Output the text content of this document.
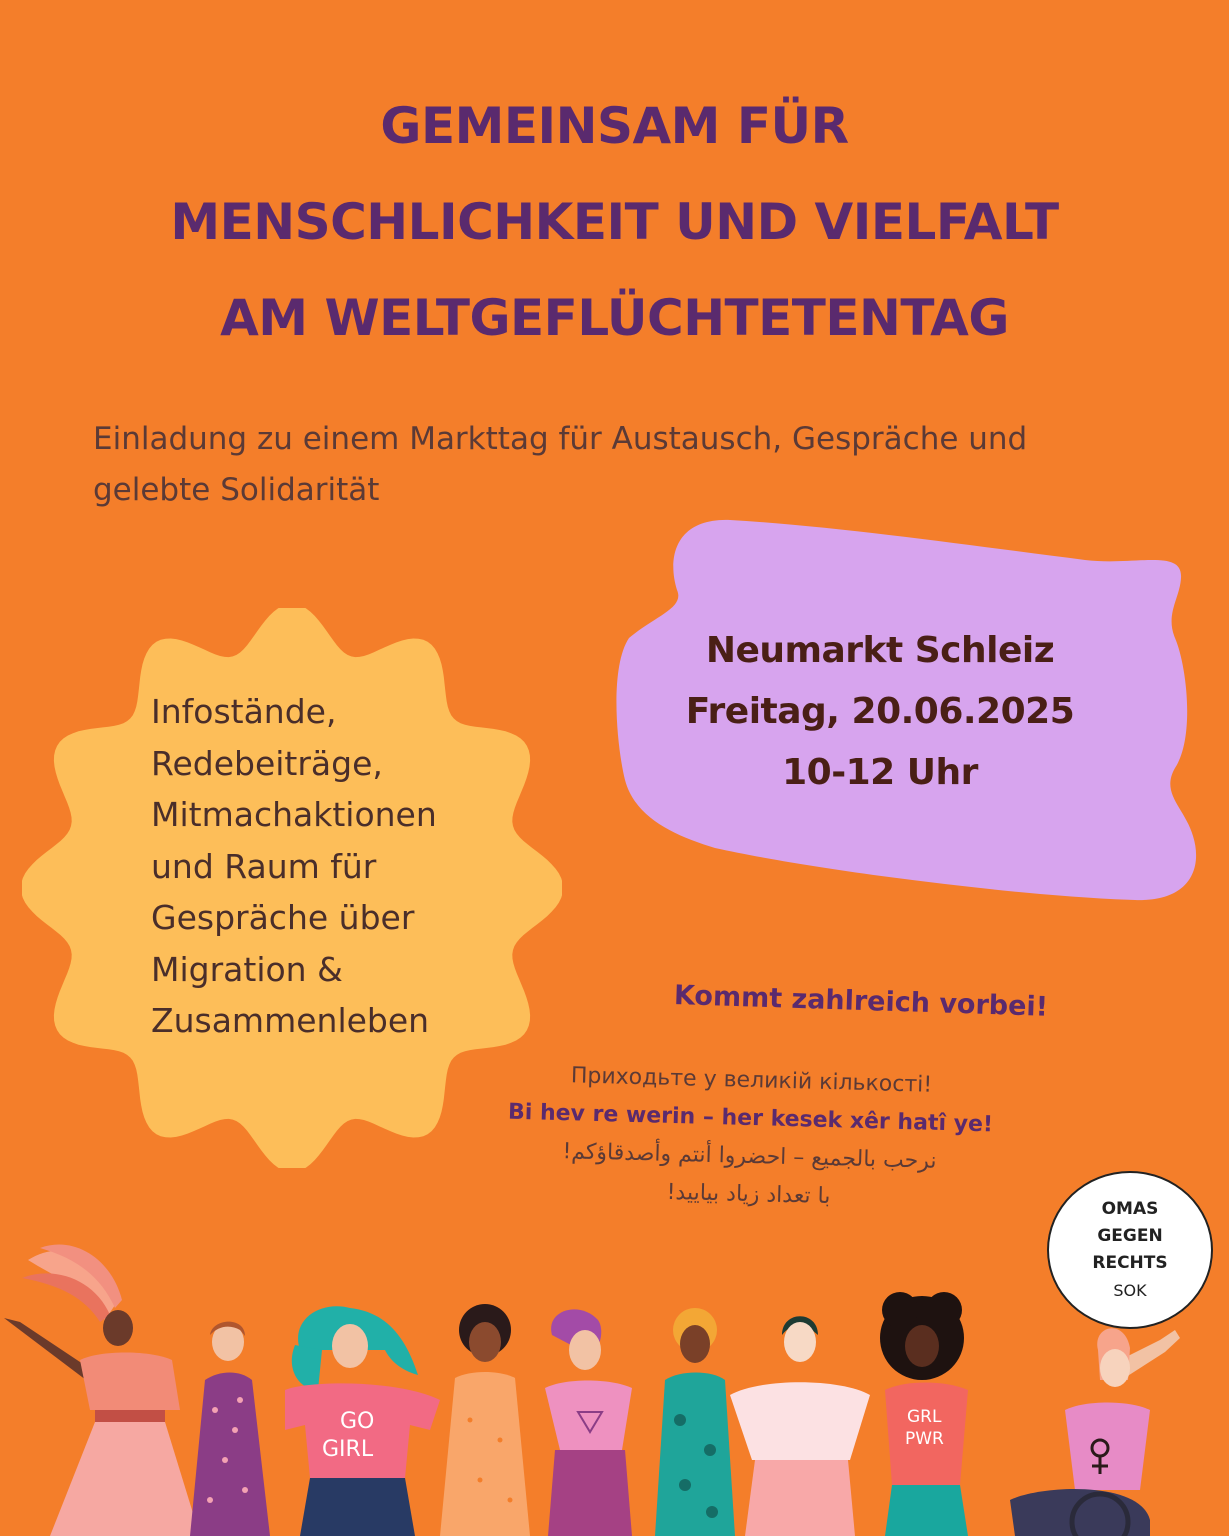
GEMEINSAM FÜR
MENSCHLICHKEIT UND VIELFALT
AM WELTGEFLÜCHTETENTAG
Einladung zu einem Markttag für Austausch, Gespräche und
gelebte Solidarität
Neumarkt Schleiz
Freitag, 20.06.2025
10-12 Uhr
Infostände,
Redebeiträge,
Mitmachaktionen
und Raum für
Gespräche über
Migration &
Zusammenleben	Kommt zahlreich vorbei!
Приходьте у великій кількості!
Bi hev re werin – her kesek xêr hatî ye!
نرحب بالجميع – احضروا أنتم وأصدقاؤكم!
با تعداد زیاد بیایید!
GO
GIRL
GRL
PWR
OMAS
GEGEN
RECHTS
SOK
